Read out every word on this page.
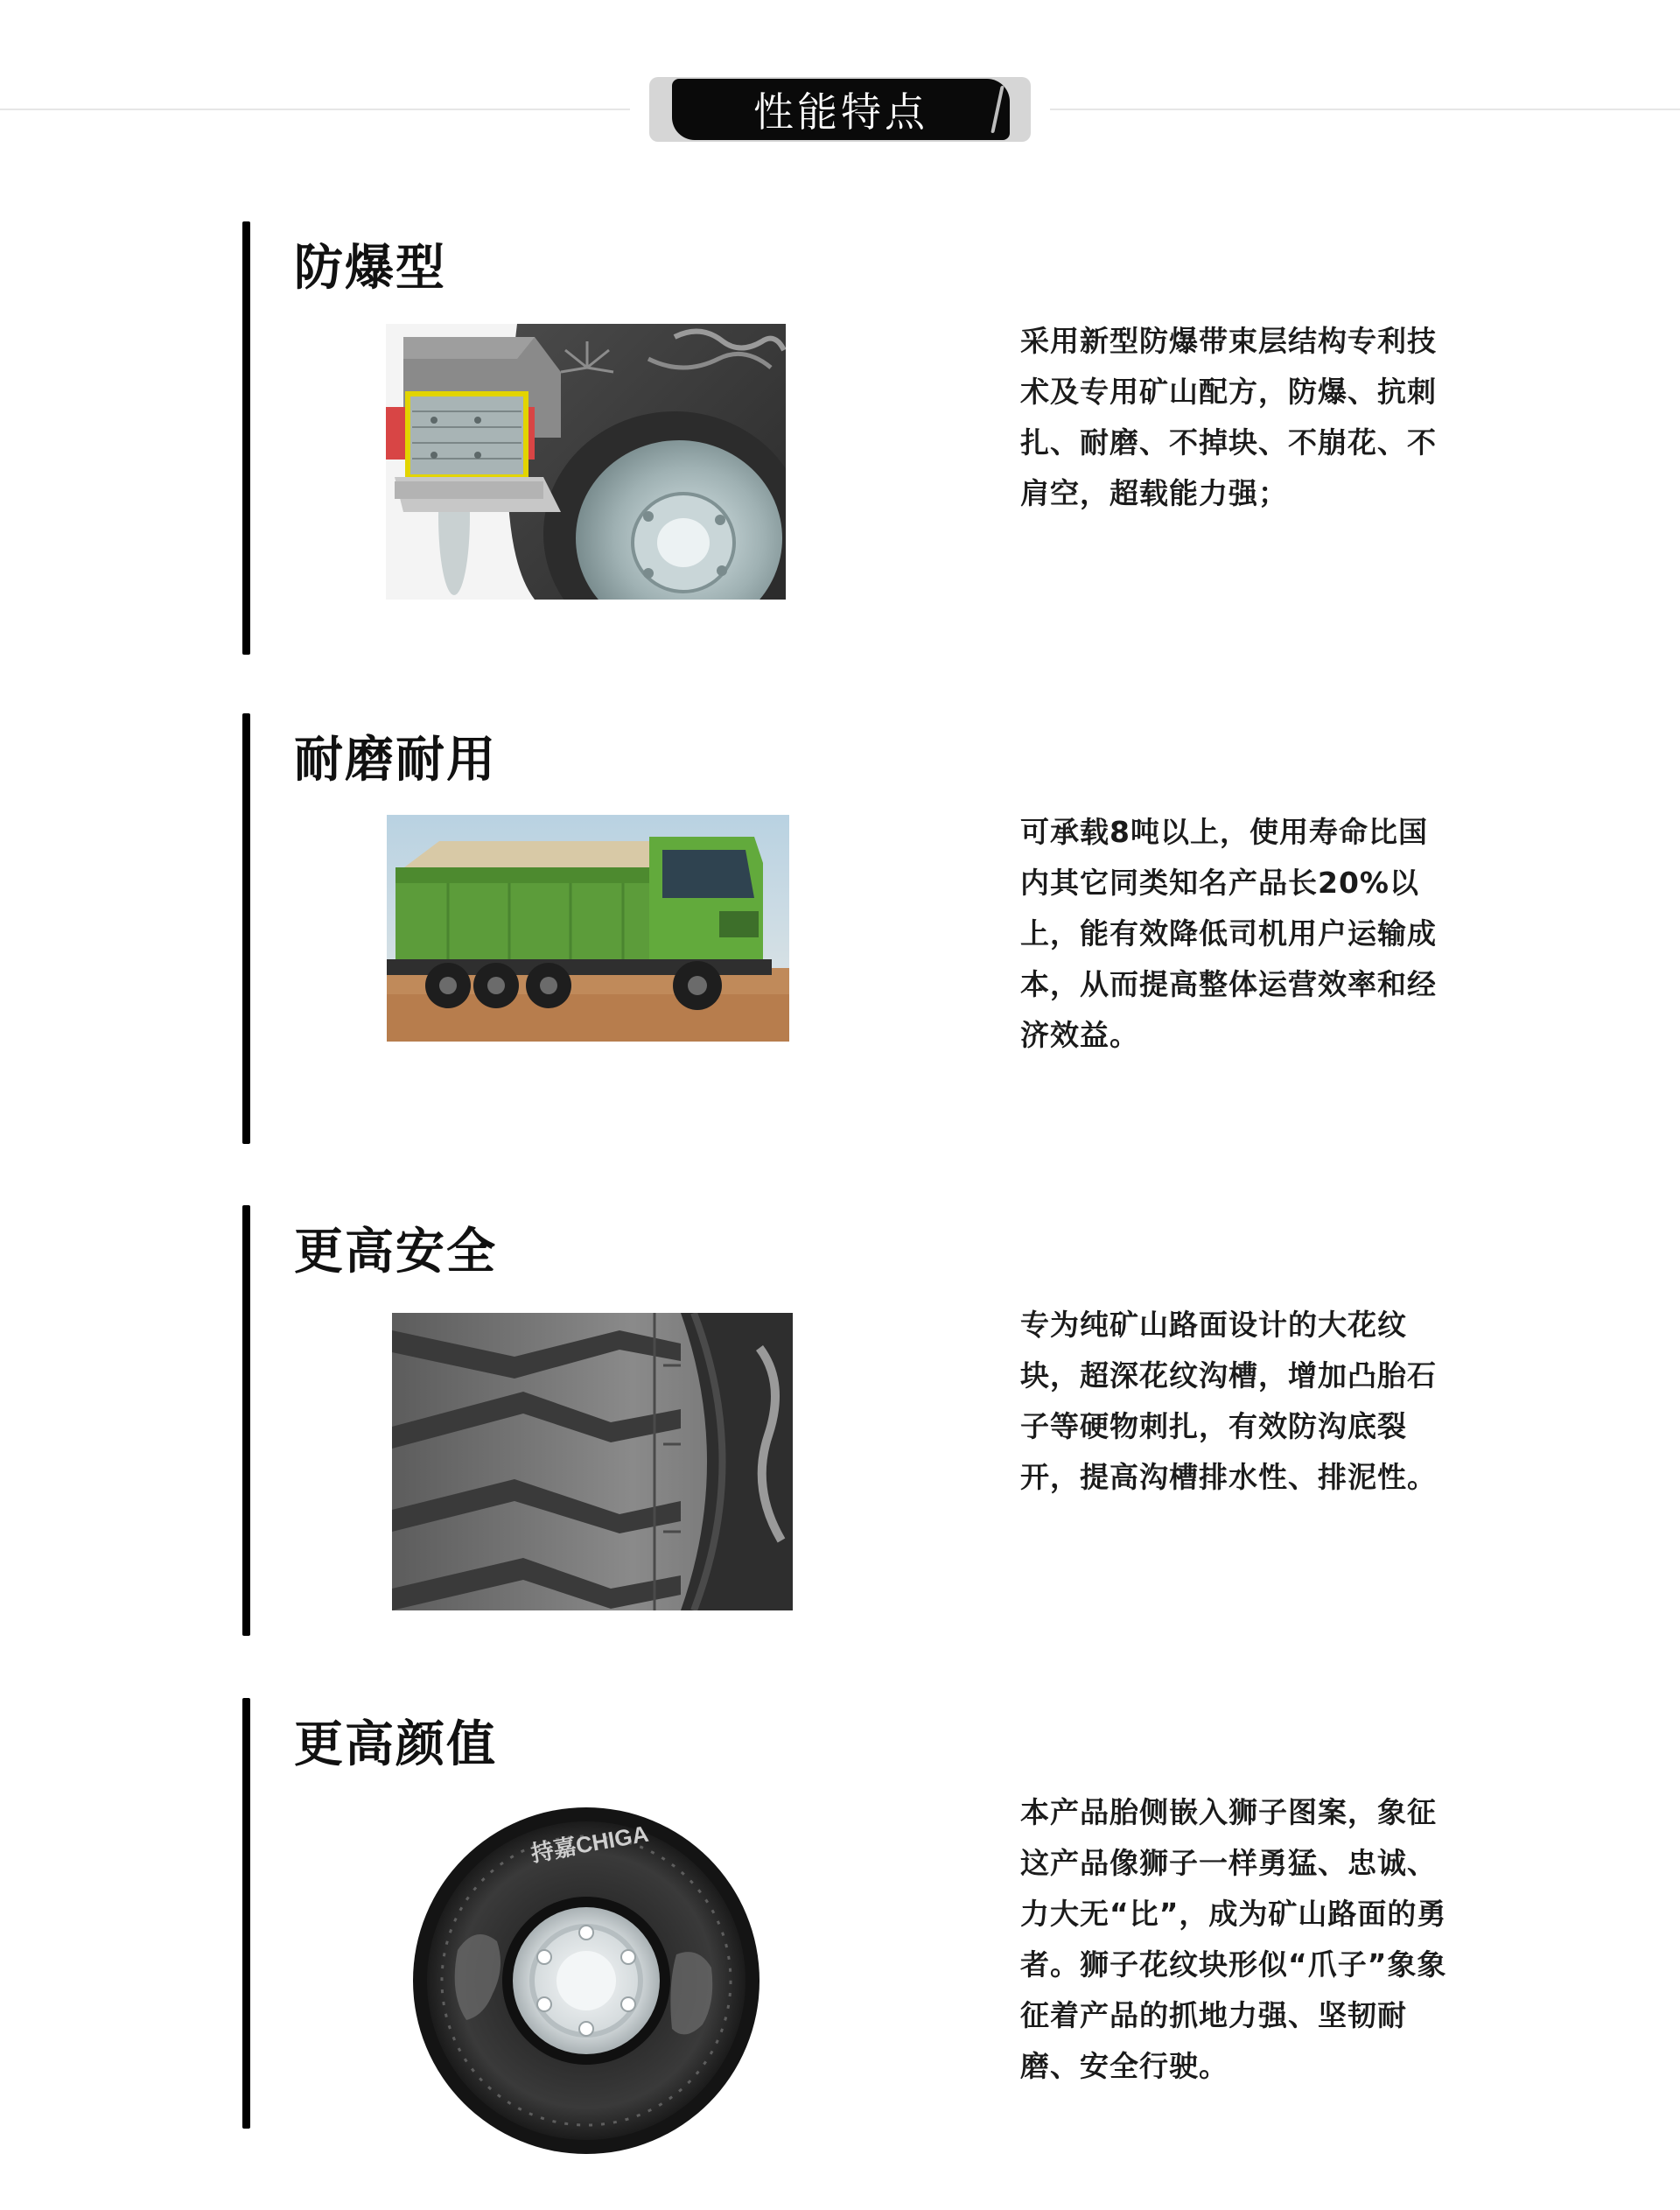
性能特点
防爆型

采用新型防爆带束层结构专利技术及专用矿山配方，防爆、抗刺扎、耐磨、不掉块、不崩花、不肩空，超载能力强；

耐磨耐用

可承载8吨以上，使用寿命比国内其它同类知名产品长20%以上，能有效降低司机用户运输成本，从而提高整体运营效率和经济效益。

更高安全

专为纯矿山路面设计的大花纹块，超深花纹沟槽，增加凸胎石子等硬物刺扎，有效防沟底裂开，提高沟槽排水性、排泥性。

更高颜值
持嘉CHIGA

本产品胎侧嵌入狮子图案，象征这产品像狮子一样勇猛、忠诚、力大无“比”，成为矿山路面的勇者。狮子花纹块形似“爪子”象象征着产品的抓地力强、坚韧耐磨、安全行驶。
